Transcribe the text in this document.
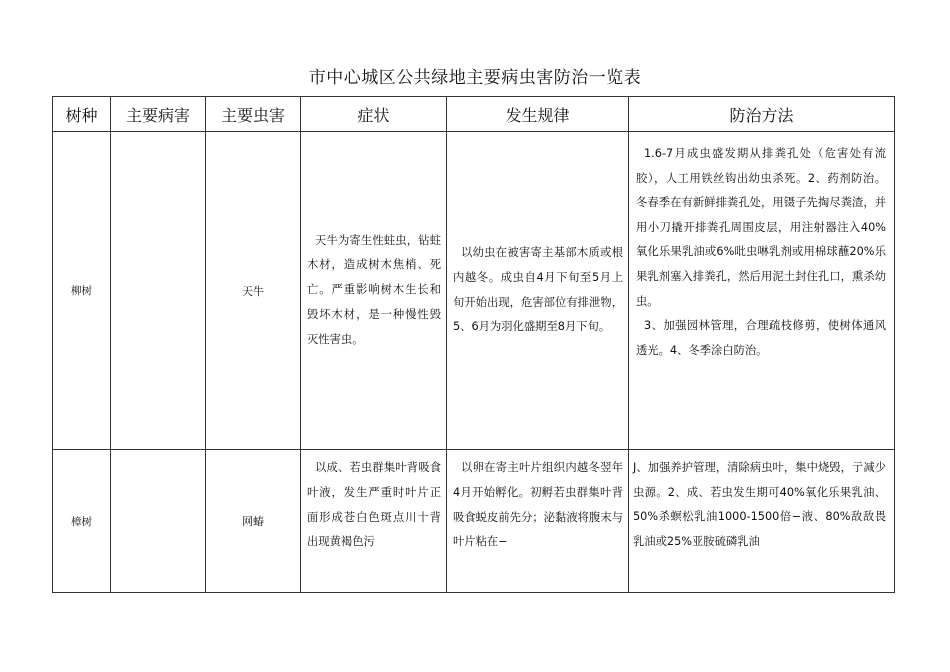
市中心城区公共绿地主要病虫害防治一览表
树种	主要病害	主要虫害	症状	发生规律	防治方法
柳树		天牛	天牛为寄生性蛀虫，钻蛀木材，造成树木焦梢、死亡。严重影响树木生长和毁坏木材，是一种慢性毁灭性害虫。	以幼虫在被害寄主基部木质或根内越冬。成虫自4月下旬至5月上旬开始出现，危害部位有排泄物，5、6月为羽化盛期至8月下旬。	1.6-7月成虫盛发期从排粪孔处（危害处有流胶），人工用铁丝钩出幼虫杀死。2、药剂防治。冬春季在有新鲜排粪孔处，用镊子先掏尽粪渣，并用小刀撬开排粪孔周围皮层，用注射器注入40%氧化乐果乳油或6%吡虫啉乳剂或用棉球蘸20%乐果乳剂塞入排粪孔，然后用泥土封住孔口，熏杀幼虫。

3、加强园林管理，合理疏枝修剪，使树体通风透光。4、冬季涂白防治。

樟树		网蝽	以成、若虫群集叶背吸食叶液，发生严重时叶片正面形成苍白色斑点川十背出现黄褐色污	以卵在寄主叶片组织内越冬翌年4月开始孵化。初孵若虫群集叶背吸食蜕皮前先分；泌黏液将腹末与叶片粘在−	J、加强养护管理，清除病虫叶，集中烧毁，亍减少虫源。2、成、若虫发生期可40%氧化乐果乳油、50%杀螟松乳油1000-1500倍−液、80%敌敌畏乳油或25%亚胺硫磷乳油
